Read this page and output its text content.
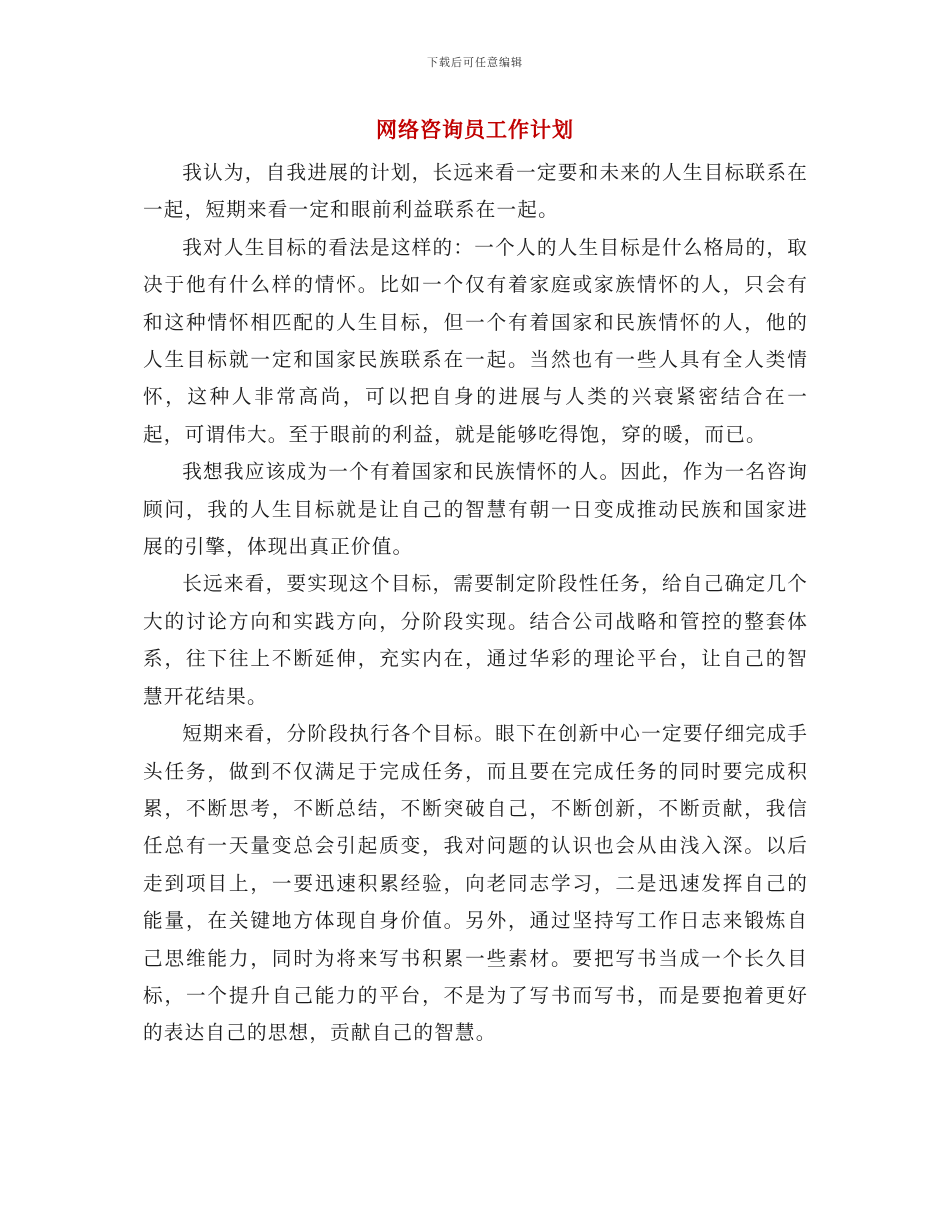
下载后可任意编辑
网络咨询员工作计划

我认为，自我进展的计划，长远来看一定要和未来的人生目标联系在一起，短期来看一定和眼前利益联系在一起。

我对人生目标的看法是这样的：一个人的人生目标是什么格局的，取决于他有什么样的情怀。比如一个仅有着家庭或家族情怀的人，只会有和这种情怀相匹配的人生目标，但一个有着国家和民族情怀的人，他的人生目标就一定和国家民族联系在一起。当然也有一些人具有全人类情怀，这种人非常高尚，可以把自身的进展与人类的兴衰紧密结合在一起，可谓伟大。至于眼前的利益，就是能够吃得饱，穿的暖，而已。

我想我应该成为一个有着国家和民族情怀的人。因此，作为一名咨询顾问，我的人生目标就是让自己的智慧有朝一日变成推动民族和国家进展的引擎，体现出真正价值。

长远来看，要实现这个目标，需要制定阶段性任务，给自己确定几个大的讨论方向和实践方向，分阶段实现。结合公司战略和管控的整套体系，往下往上不断延伸，充实内在，通过华彩的理论平台，让自己的智慧开花结果。

短期来看，分阶段执行各个目标。眼下在创新中心一定要仔细完成手头任务，做到不仅满足于完成任务，而且要在完成任务的同时要完成积累，不断思考，不断总结，不断突破自己，不断创新，不断贡献，我信任总有一天量变总会引起质变，我对问题的认识也会从由浅入深。以后走到项目上，一要迅速积累经验，向老同志学习，二是迅速发挥自己的能量，在关键地方体现自身价值。另外，通过坚持写工作日志来锻炼自己思维能力，同时为将来写书积累一些素材。要把写书当成一个长久目标，一个提升自己能力的平台，不是为了写书而写书，而是要抱着更好的表达自己的思想，贡献自己的智慧。
